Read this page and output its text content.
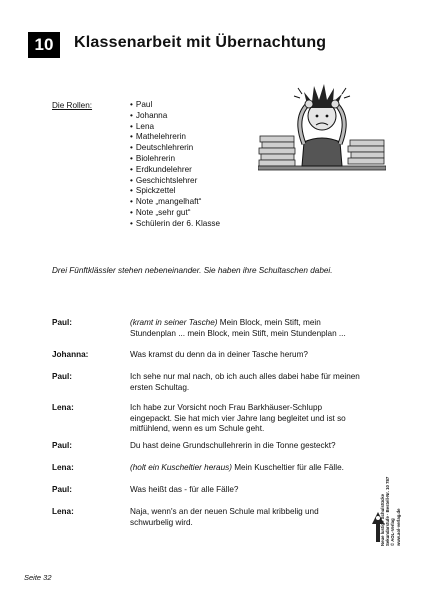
10	Klassenarbeit mit Übernachtung
Die Rollen:
•	Paul
• Johanna
• Lena
• Mathelehrerin
• Deutschlehrerin
• Biolehrerin
• Erdkundelehrer
• Geschichtslehrer
• Spickzettel
• Note „mangelhaft“
• Note „sehr gut“
• Schülerin der 6. Klasse
Drei Fünftklässler stehen nebeneinander. Sie haben ihre Schultaschen dabei.
Paul:	(kramt in seiner Tasche) Mein Block, mein Stift, mein Stundenplan ... mein Block, mein Stift, mein Stundenplan ...
Johanna:	Was kramst du denn da in deiner Tasche herum?
Paul:	Ich sehe nur mal nach, ob ich auch alles dabei habe für meinen ersten Schultag.
Lena:	Ich habe zur Vorsicht noch Frau Barkhäuser-Schlupp eingepackt. Sie hat mich vier Jahre lang begleitet und ist so mitfühlend, wenn es um Schule geht.
Paul:	Du hast deine Grundschullehrerin in die Tonne gesteckt?
Lena:	(holt ein Kuscheltier heraus) Mein Kuscheltier für alle Fälle.
Paul:	Was heißt das - für alle Fälle?
Lena:	Naja, wenn's an der neuen Schule mal kribbelig und schwurbelig wird.	Neue lustige Schulstücke Sekundarstufe · Bestell-Nr. 10 787 © AOL-Verlag www.aol-verlag.de
Seite 32
